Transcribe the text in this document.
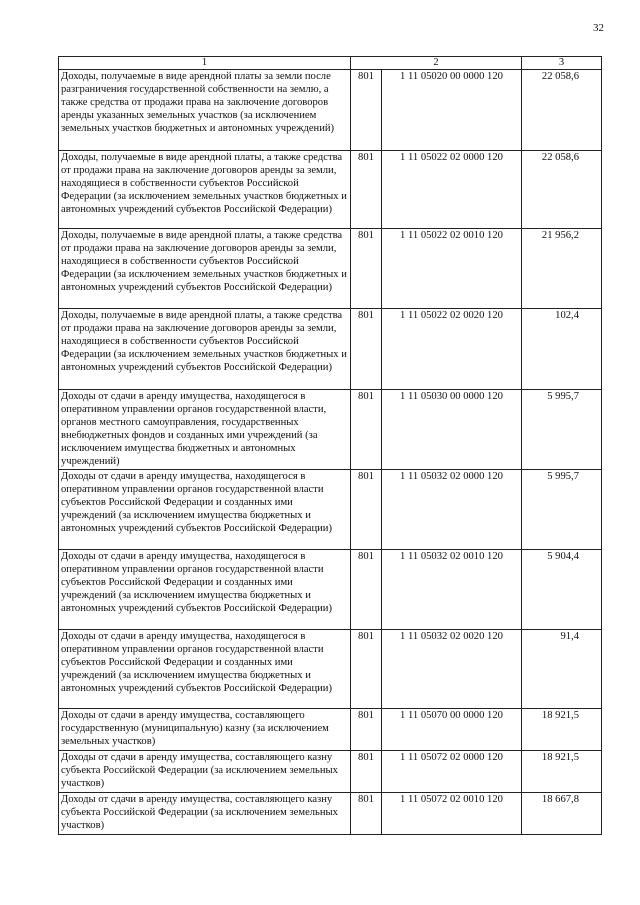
32
1	2		3

Доходы, получаемые в виде арендной платы за земли после разграничения государственной собственности на землю, а также средства от продажи права на заключение договоров аренды указанных земельных участков (за исключением земельных участков бюджетных и автономных учреждений)	801	1 11 05020 00 0000 120	22 058,6

Доходы, получаемые в виде арендной платы, а также средства от продажи права на заключение договоров аренды за земли, находящиеся в собственности субъектов Российской Федерации (за исключением земельных участков бюджетных и автономных учреждений субъектов Российской Федерации)	801	1 11 05022 02 0000 120	22 058,6

Доходы, получаемые в виде арендной платы, а также средства от продажи права на заключение договоров аренды за земли, находящиеся в собственности субъектов Российской Федерации (за исключением земельных участков бюджетных и автономных учреждений субъектов Российской Федерации)	801	1 11 05022 02 0010 120	21 956,2

Доходы, получаемые в виде арендной платы, а также средства от продажи права на заключение договоров аренды за земли, находящиеся в собственности субъектов Российской Федерации (за исключением земельных участков бюджетных и автономных учреждений субъектов Российской Федерации)	801	1 11 05022 02 0020 120	102,4

Доходы от сдачи в аренду имущества, находящегося в оперативном управлении органов государственной власти, органов местного самоуправления, государственных внебюджетных фондов и созданных ими учреждений (за исключением имущества бюджетных и автономных учреждений)	801	1 11 05030 00 0000 120	5 995,7

Доходы от сдачи в аренду имущества, находящегося в оперативном управлении органов государственной власти субъектов Российской Федерации и созданных ими учреждений (за исключением имущества бюджетных и автономных учреждений субъектов Российской Федерации)	801	1 11 05032 02 0000 120	5 995,7

Доходы от сдачи в аренду имущества, находящегося в оперативном управлении органов государственной власти субъектов Российской Федерации и созданных ими учреждений (за исключением имущества бюджетных и автономных учреждений субъектов Российской Федерации)	801	1 11 05032 02 0010 120	5 904,4

Доходы от сдачи в аренду имущества, находящегося в оперативном управлении органов государственной власти субъектов Российской Федерации и созданных ими учреждений (за исключением имущества бюджетных и автономных учреждений субъектов Российской Федерации)	801	1 11 05032 02 0020 120	91,4

Доходы от сдачи в аренду имущества, составляющего государственную (муниципальную) казну (за исключением земельных участков)	801	1 11 05070 00 0000 120	18 921,5

Доходы от сдачи в аренду имущества, составляющего казну субъекта Российской Федерации (за исключением земельных участков)	801	1 11 05072 02 0000 120	18 921,5

Доходы от сдачи в аренду имущества, составляющего казну субъекта Российской Федерации (за исключением земельных участков)	801	1 11 05072 02 0010 120	18 667,8
